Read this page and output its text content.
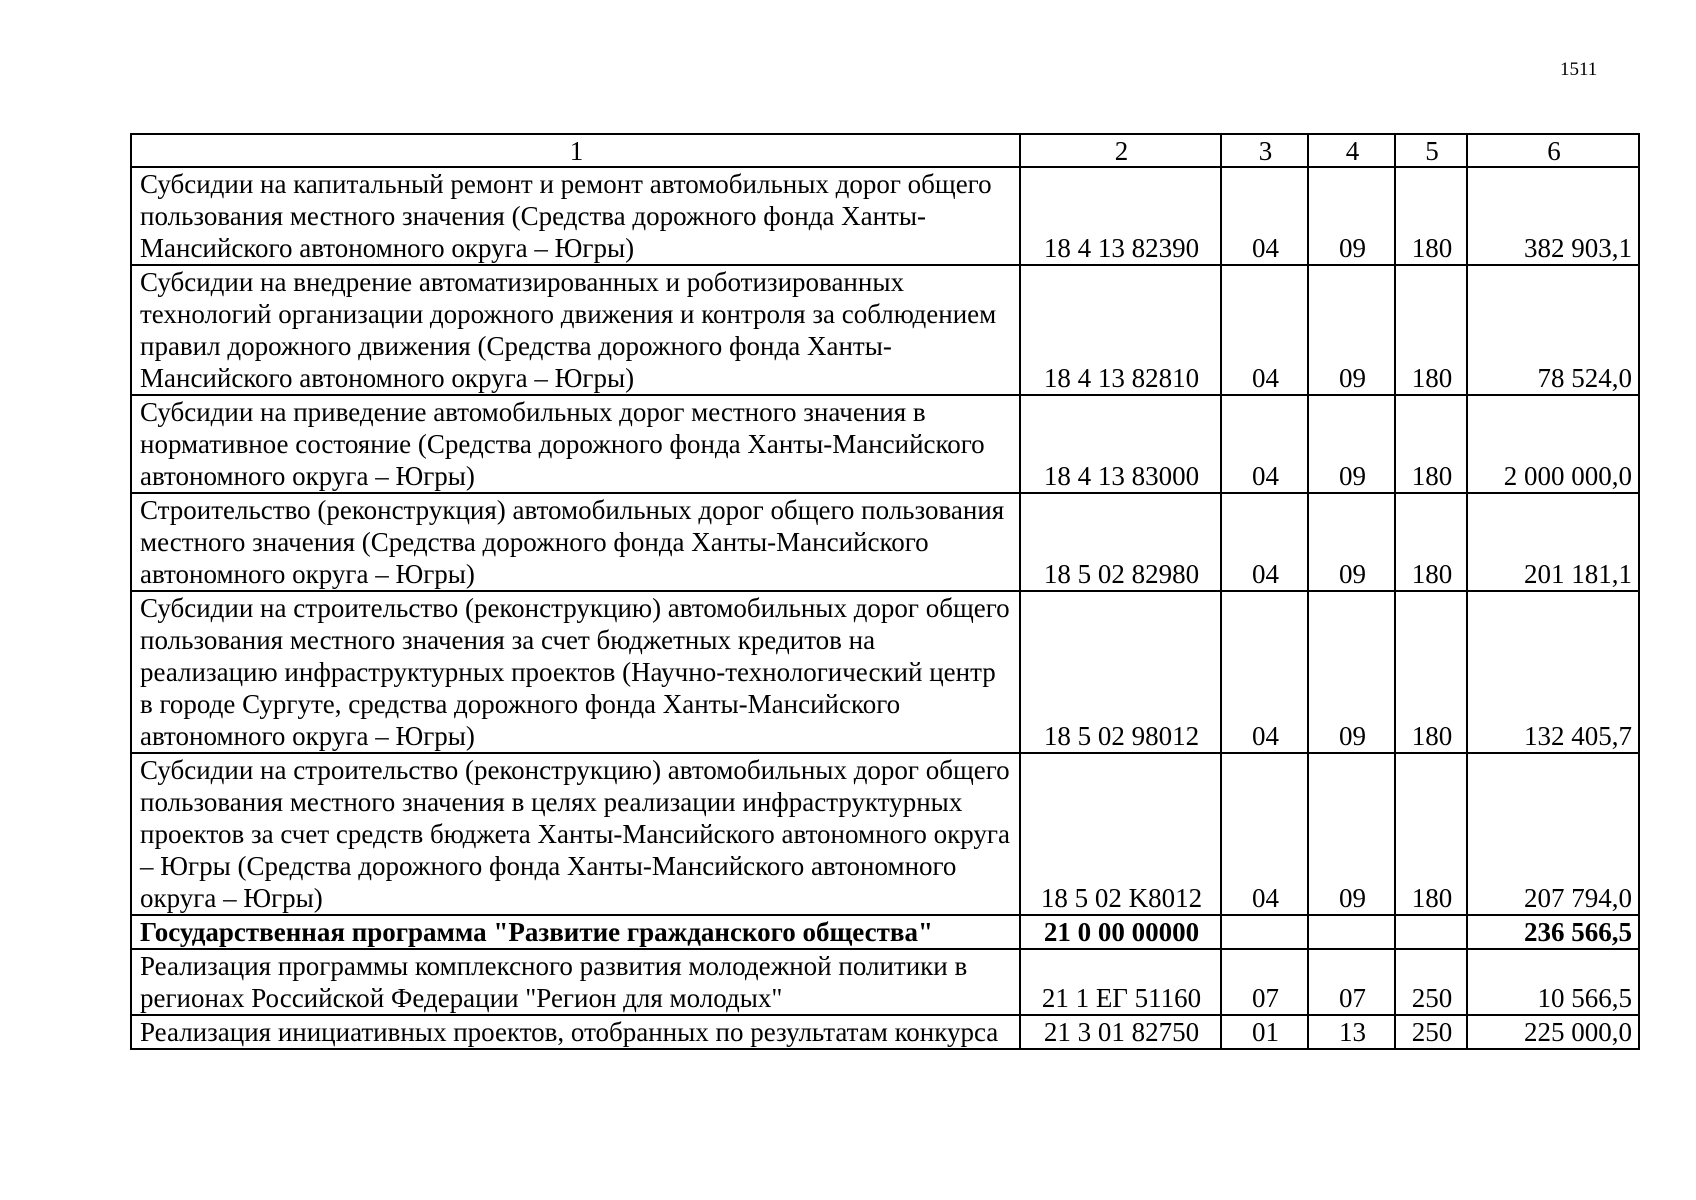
1511
1	2	3	4	5	6
Субсидии на капитальный ремонт и ремонт автомобильных дорог общего пользования местного значения (Средства дорожного фонда Ханты-Мансийского автономного округа – Югры)	18 4 13 82390	04	09	180	382 903,1
Субсидии на внедрение автоматизированных и роботизированных технологий организации дорожного движения и контроля за соблюдением правил дорожного движения (Средства дорожного фонда Ханты-Мансийского автономного округа – Югры)	18 4 13 82810	04	09	180	78 524,0
Субсидии на приведение автомобильных дорог местного значения в нормативное состояние (Средства дорожного фонда Ханты-Мансийского автономного округа – Югры)	18 4 13 83000	04	09	180	2 000 000,0
Строительство (реконструкция) автомобильных дорог общего пользования местного значения (Средства дорожного фонда Ханты-Мансийского автономного округа – Югры)	18 5 02 82980	04	09	180	201 181,1
Субсидии на строительство (реконструкцию) автомобильных дорог общего пользования местного значения за счет бюджетных кредитов на реализацию инфраструктурных проектов (Научно-технологический центр в городе Сургуте, средства дорожного фонда Ханты-Мансийского автономного округа – Югры)	18 5 02 98012	04	09	180	132 405,7
Субсидии на строительство (реконструкцию) автомобильных дорог общего пользования местного значения в целях реализации инфраструктурных проектов за счет средств бюджета Ханты-Мансийского автономного округа – Югры (Средства дорожного фонда Ханты-Мансийского автономного округа – Югры)	18 5 02 K8012	04	09	180	207 794,0
Государственная программа "Развитие гражданского общества"	21 0 00 00000				236 566,5
Реализация программы комплексного развития молодежной политики в регионах Российской Федерации "Регион для молодых"	21 1 ЕГ 51160	07	07	250	10 566,5
Реализация инициативных проектов, отобранных по результатам конкурса	21 3 01 82750	01	13	250	225 000,0
